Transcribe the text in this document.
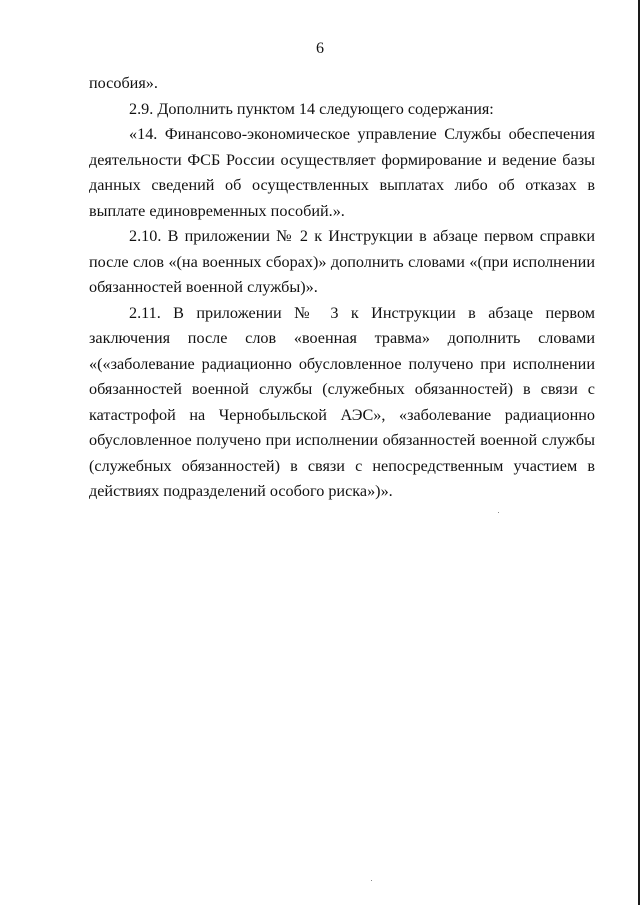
6

пособия».

2.9. Дополнить пунктом 14 следующего содержания:

«14. Финансово-экономическое управление Службы обеспечения деятельности ФСБ России осуществляет формирование и ведение базы данных сведений об осуществленных выплатах либо об отказах в выплате единовременных пособий.».

2.10. В приложении № 2 к Инструкции в абзаце первом справки после слов «(на военных сборах)» дополнить словами «(при исполнении обязанностей военной службы)».

2.11. В приложении № 3 к Инструкции в абзаце первом заключения после слов «военная травма» дополнить словами «(«заболевание радиационно обусловленное получено при исполнении обязанностей военной службы (служебных обязанностей) в связи с катастрофой на Чернобыльской АЭС», «заболевание радиационно обусловленное получено при исполнении обязанностей военной службы (служебных обязанностей) в связи с непосредственным участием в действиях подразделений особого риска»)».
